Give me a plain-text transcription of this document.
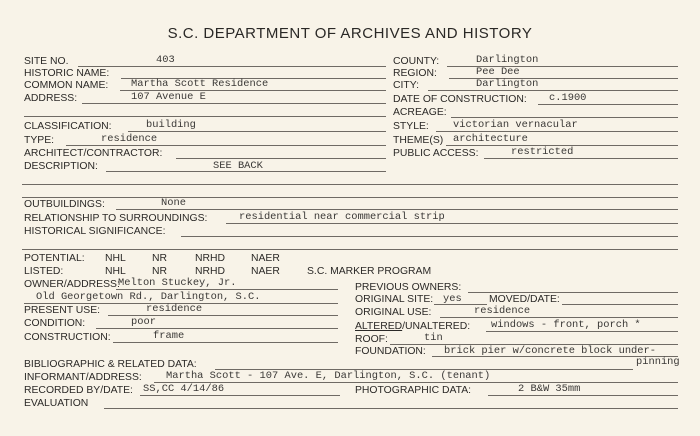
S.C. DEPARTMENT OF ARCHIVES AND HISTORY
SITE NO.	403
HISTORIC NAME:
COMMON NAME: Martha Scott Residence
ADDRESS:	107 Avenue E
CLASSIFICATION:	building
TYPE:	residence
ARCHITECT/CONTRACTOR:
DESCRIPTION:	SEE BACK
COUNTY:	Darlington
REGION:	Pee Dee
CITY:	Darlington
DATE OF CONSTRUCTION: c.1900
ACREAGE:
STYLE: victorian vernacular
THEME(S) architecture
PUBLIC ACCESS:	restricted
OUTBUILDINGS:	None
RELATIONSHIP TO SURROUNDINGS:	residential near commercial strip
HISTORICAL SIGNIFICANCE:
POTENTIAL: NHL	NR	NRHD NAER
LISTED:	NHL	NR	NRHD NAER	S.C. MARKER PROGRAM
OWNER/ADDRESS:
Melton Stuckey, Jr.
Old Georgetown Rd., Darlington, S.C.
PRESENT USE:	residence
CONDITION:	poor
CONSTRUCTION:	frame
PREVIOUS OWNERS:
ORIGINAL SITE: yes	MOVED/DATE:
ORIGINAL USE:	residence
ALTERED/UNALTERED: windows - front, porch *
ROOF:	tin
FOUNDATION: brick pier w/concrete block under-
pinning
BIBLIOGRAPHIC & RELATED DATA:
INFORMANT/ADDRESS: Martha Scott - 107 Ave. E, Darlington, S.C. (tenant)
RECORDED BY/DATE: SS,CC 4/14/86	PHOTOGRAPHIC DATA:	2 B&W 35mm
EVALUATION
